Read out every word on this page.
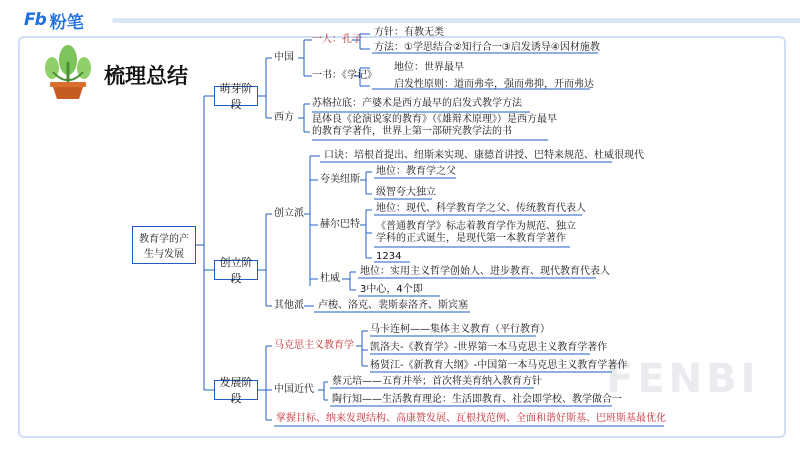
Fb 粉笔
FENBI
梳理总结
教育学的产生与发展
萌芽阶段
创立阶段
发展阶段
中国
一人：孔子
方针：有教无类
方法：①学思结合②知行合一③启发诱导④因材施教
一书：《学记》
地位：世界最早
启发性原则：道而弗牵，强而弗抑，开而弗达
西方
苏格拉底：产婆术是西方最早的启发式教学方法
昆体良《论演说家的教育》（《雄辩术原理》）是西方最早的教育学著作，世界上第一部研究教学法的书
创立派
口诀：培根首提出、纽斯来实现、康德首讲授、巴特来规范、杜威很现代
夸美纽斯
地位：教育学之父
级智夸大独立
赫尔巴特
地位：现代、科学教育学之父、传统教育代表人
《普通教育学》标志着教育学作为规范、独立学科的正式诞生，是现代第一本教育学著作
1234
杜威
地位：实用主义哲学创始人、进步教育、现代教育代表人
3中心，4个即
其他派 卢梭、洛克、裴斯泰洛齐、斯宾塞
马克思主义教育学
马卡连柯——集体主义教育（平行教育）
凯洛夫-《教育学》-世界第一本马克思主义教育学著作
杨贤江-《新教育大纲》-中国第一本马克思主义教育学著作
中国近代
蔡元培——五育并举；首次将美育纳入教育方针
陶行知——生活教育理论：生活即教育、社会即学校、教学做合一
掌握目标、纳来发现结构、高康赞发展、瓦根找范例、全面和谐好斯基、巴班斯基最优化
